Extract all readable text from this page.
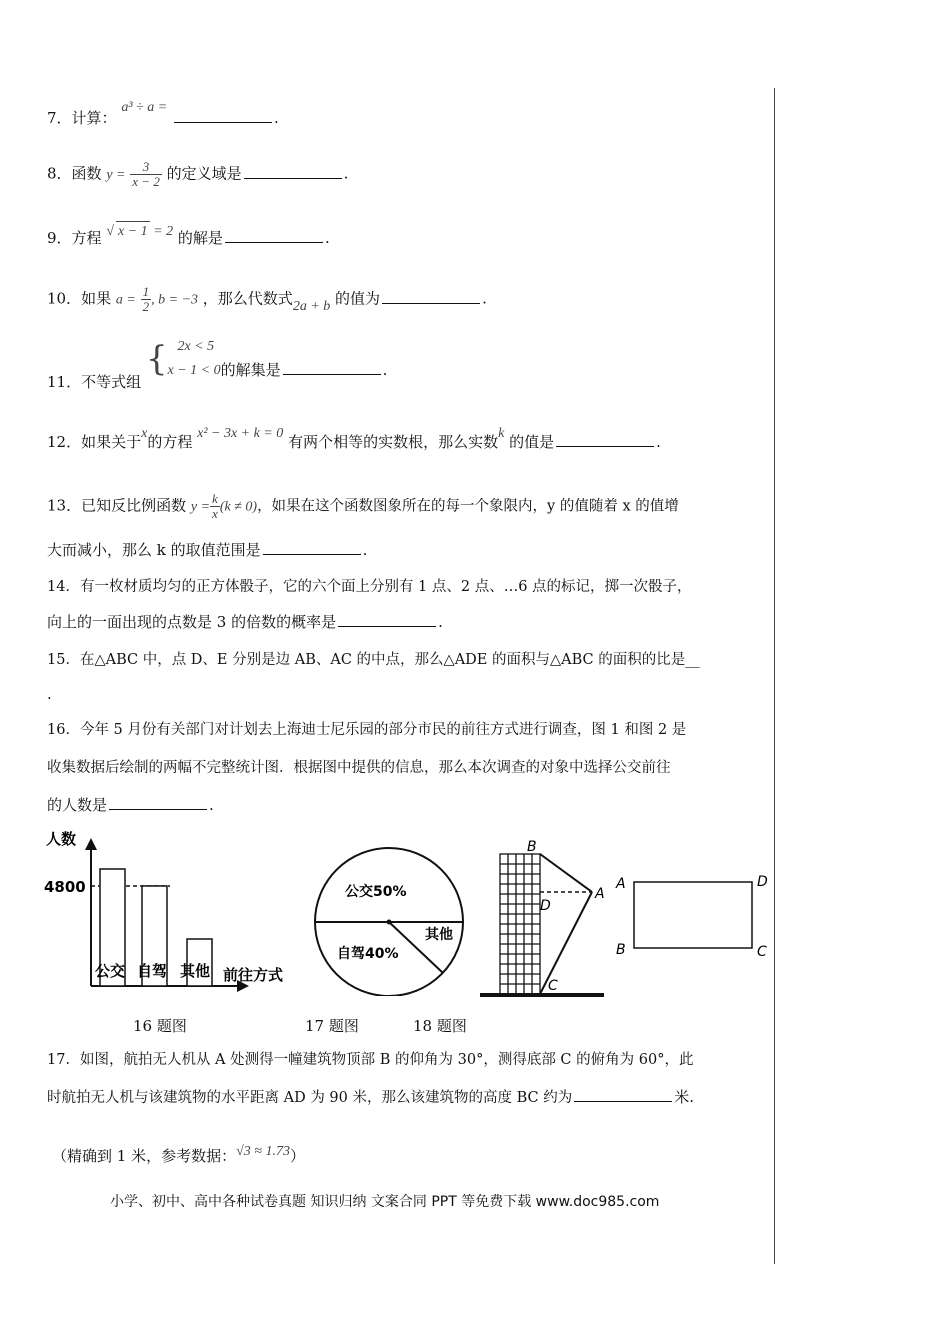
7．计算： a³ ÷ a = .
8．函数 $y = \frac{3}{x - 2}$ 的定义域是	.
9．方程 √ x − 1 = 2 的解是	.
10．如果 $a = \frac{1}{2}$ , b = −3 ，那么代数式2a + b 的值为	.
11．不等式组 { 2x < 5
x − 1 < 0 的解集是	.
12．如果关于x的方程 x² − 3x + k = 0 有两个相等的实数根，那么实数k 的值是	.
13．已知反比例函数 $y = \frac{k}{x} (k \ne 0)$，如果在这个函数图象所在的每一个象限内，y 的值随着 x 的值增
大而减小，那么 k 的取值范围是	.
14．有一枚材质均匀的正方体骰子，它的六个面上分别有 1 点、2 点、…6 点的标记，掷一次骰子，
向上的一面出现的点数是 3 的倍数的概率是	.
15．在△ABC 中，点 D、E 分别是边 AB、AC 的中点，那么△ADE 的面积与△ABC 的面积的比是__
.
16．今年 5 月份有关部门对计划去上海迪士尼乐园的部分市民的前往方式进行调查，图 1 和图 2 是
收集数据后绘制的两幅不完整统计图．根据图中提供的信息，那么本次调查的对象中选择公交前往
的人数是	.
人数
4800
公交 自驾 其他 前往方式
公交50%
自驾40%
其他
B
D
A
C
A	D
B	C
16 题图	17 题图	18 题图
17．如图，航拍无人机从 A 处测得一幢建筑物顶部 B 的仰角为 30°，测得底部 C 的俯角为 60°，此
时航拍无人机与该建筑物的水平距离 AD 为 90 米，那么该建筑物的高度 BC 约为	米.
（精确到 1 米，参考数据：√3 ≈ 1.73）
小学、初中、高中各种试卷真题 知识归纳 文案合同 PPT 等免费下载 www.doc985.com
